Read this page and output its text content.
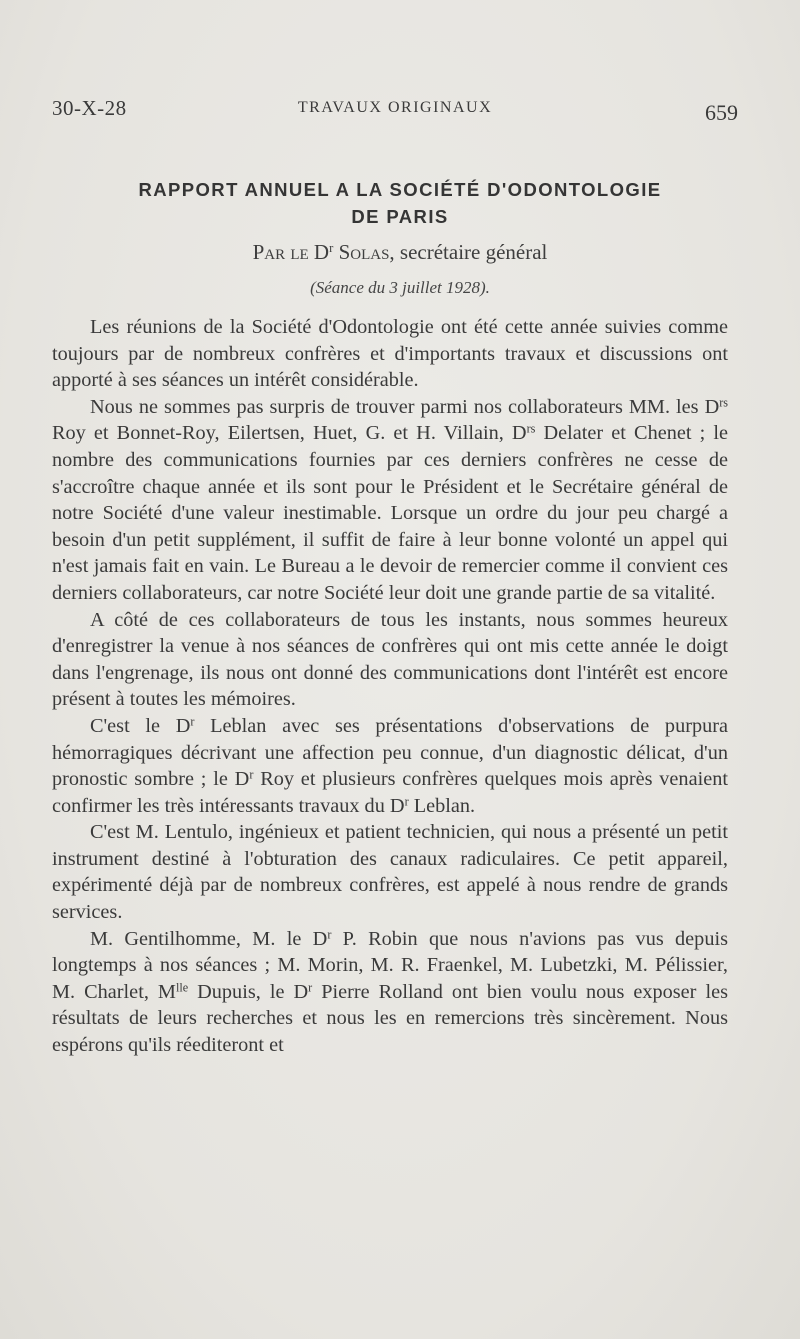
30-X-28	TRAVAUX ORIGINAUX	659
RAPPORT ANNUEL A LA SOCIÉTÉ D'ODONTOLOGIE
DE PARIS
Par le $D^r$ Solas, secrétaire général
(Séance du 3 juillet 1928).

Les réunions de la Société d'Odontologie ont été cette année suivies comme toujours par de nombreux confrères et d'importants travaux et discussions ont apporté à ses séances un intérêt considérable.

Nous ne sommes pas surpris de trouver parmi nos collaborateurs MM. les $D^{rs}$ Roy et Bonnet-Roy, Eilertsen, Huet, G. et H. Villain, $D^{rs}$ Delater et Chenet ; le nombre des communications fournies par ces derniers confrères ne cesse de s'accroître chaque année et ils sont pour le Président et le Secrétaire général de notre Société d'une valeur inestimable. Lorsque un ordre du jour peu chargé a besoin d'un petit supplément, il suffit de faire à leur bonne volonté un appel qui n'est jamais fait en vain. Le Bureau a le devoir de remercier comme il convient ces derniers collaborateurs, car notre Société leur doit une grande partie de sa vitalité.

A côté de ces collaborateurs de tous les instants, nous sommes heureux d'enregistrer la venue à nos séances de confrères qui ont mis cette année le doigt dans l'engrenage, ils nous ont donné des communications dont l'intérêt est encore présent à toutes les mémoires.

C'est le $D^r$ Leblan avec ses présentations d'observations de purpura hémorragiques décrivant une affection peu connue, d'un diagnostic délicat, d'un pronostic sombre ; le $D^r$ Roy et plusieurs confrères quelques mois après venaient confirmer les très intéressants travaux du $D^r$ Leblan.

C'est M. Lentulo, ingénieux et patient technicien, qui nous a présenté un petit instrument destiné à l'obturation des canaux radiculaires. Ce petit appareil, expérimenté déjà par de nombreux confrères, est appelé à nous rendre de grands services.

M. Gentilhomme, M. le $D^r$ P. Robin que nous n'avions pas vus depuis longtemps à nos séances ; M. Morin, M. R. Fraenkel, M. Lubetzki, M. Pélissier, M. Charlet, $M^{lle}$ Dupuis, le $D^r$ Pierre Rolland ont bien voulu nous exposer les résultats de leurs recherches et nous les en remercions très sincèrement. Nous espérons qu'ils réediteront et
